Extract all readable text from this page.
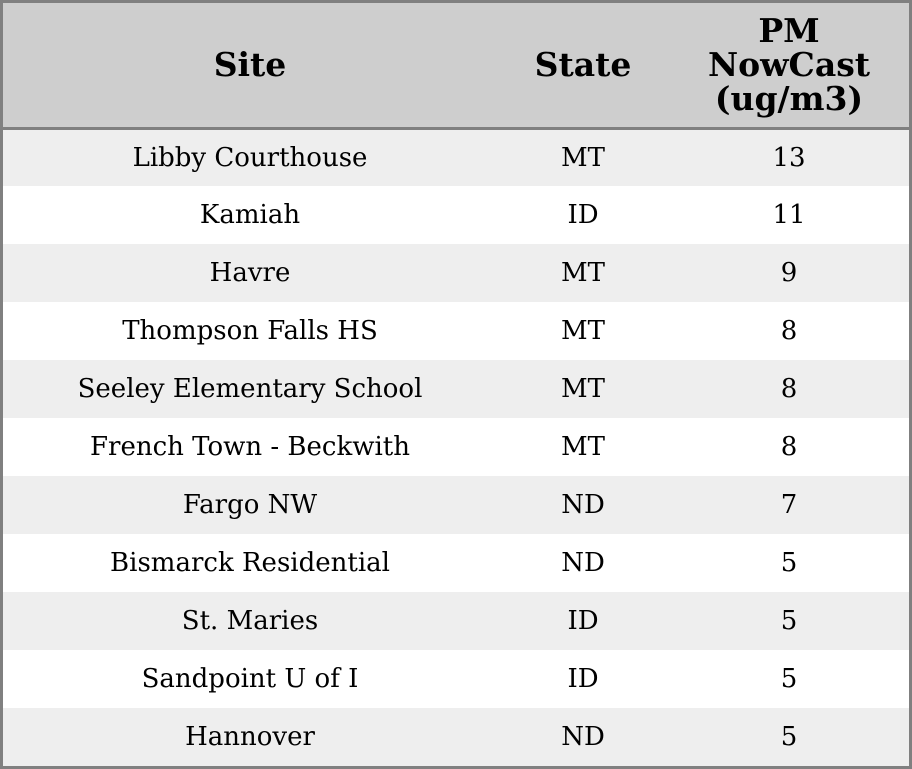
Site	State	PM
NowCast
(ug/m3)

Libby Courthouse	MT	13
Kamiah	ID	11
Havre	MT	9
Thompson Falls HS	MT	8
Seeley Elementary School	MT	8
French Town - Beckwith	MT	8
Fargo NW	ND	7
Bismarck Residential	ND	5
St. Maries	ID	5
Sandpoint U of I	ID	5
Hannover	ND	5
